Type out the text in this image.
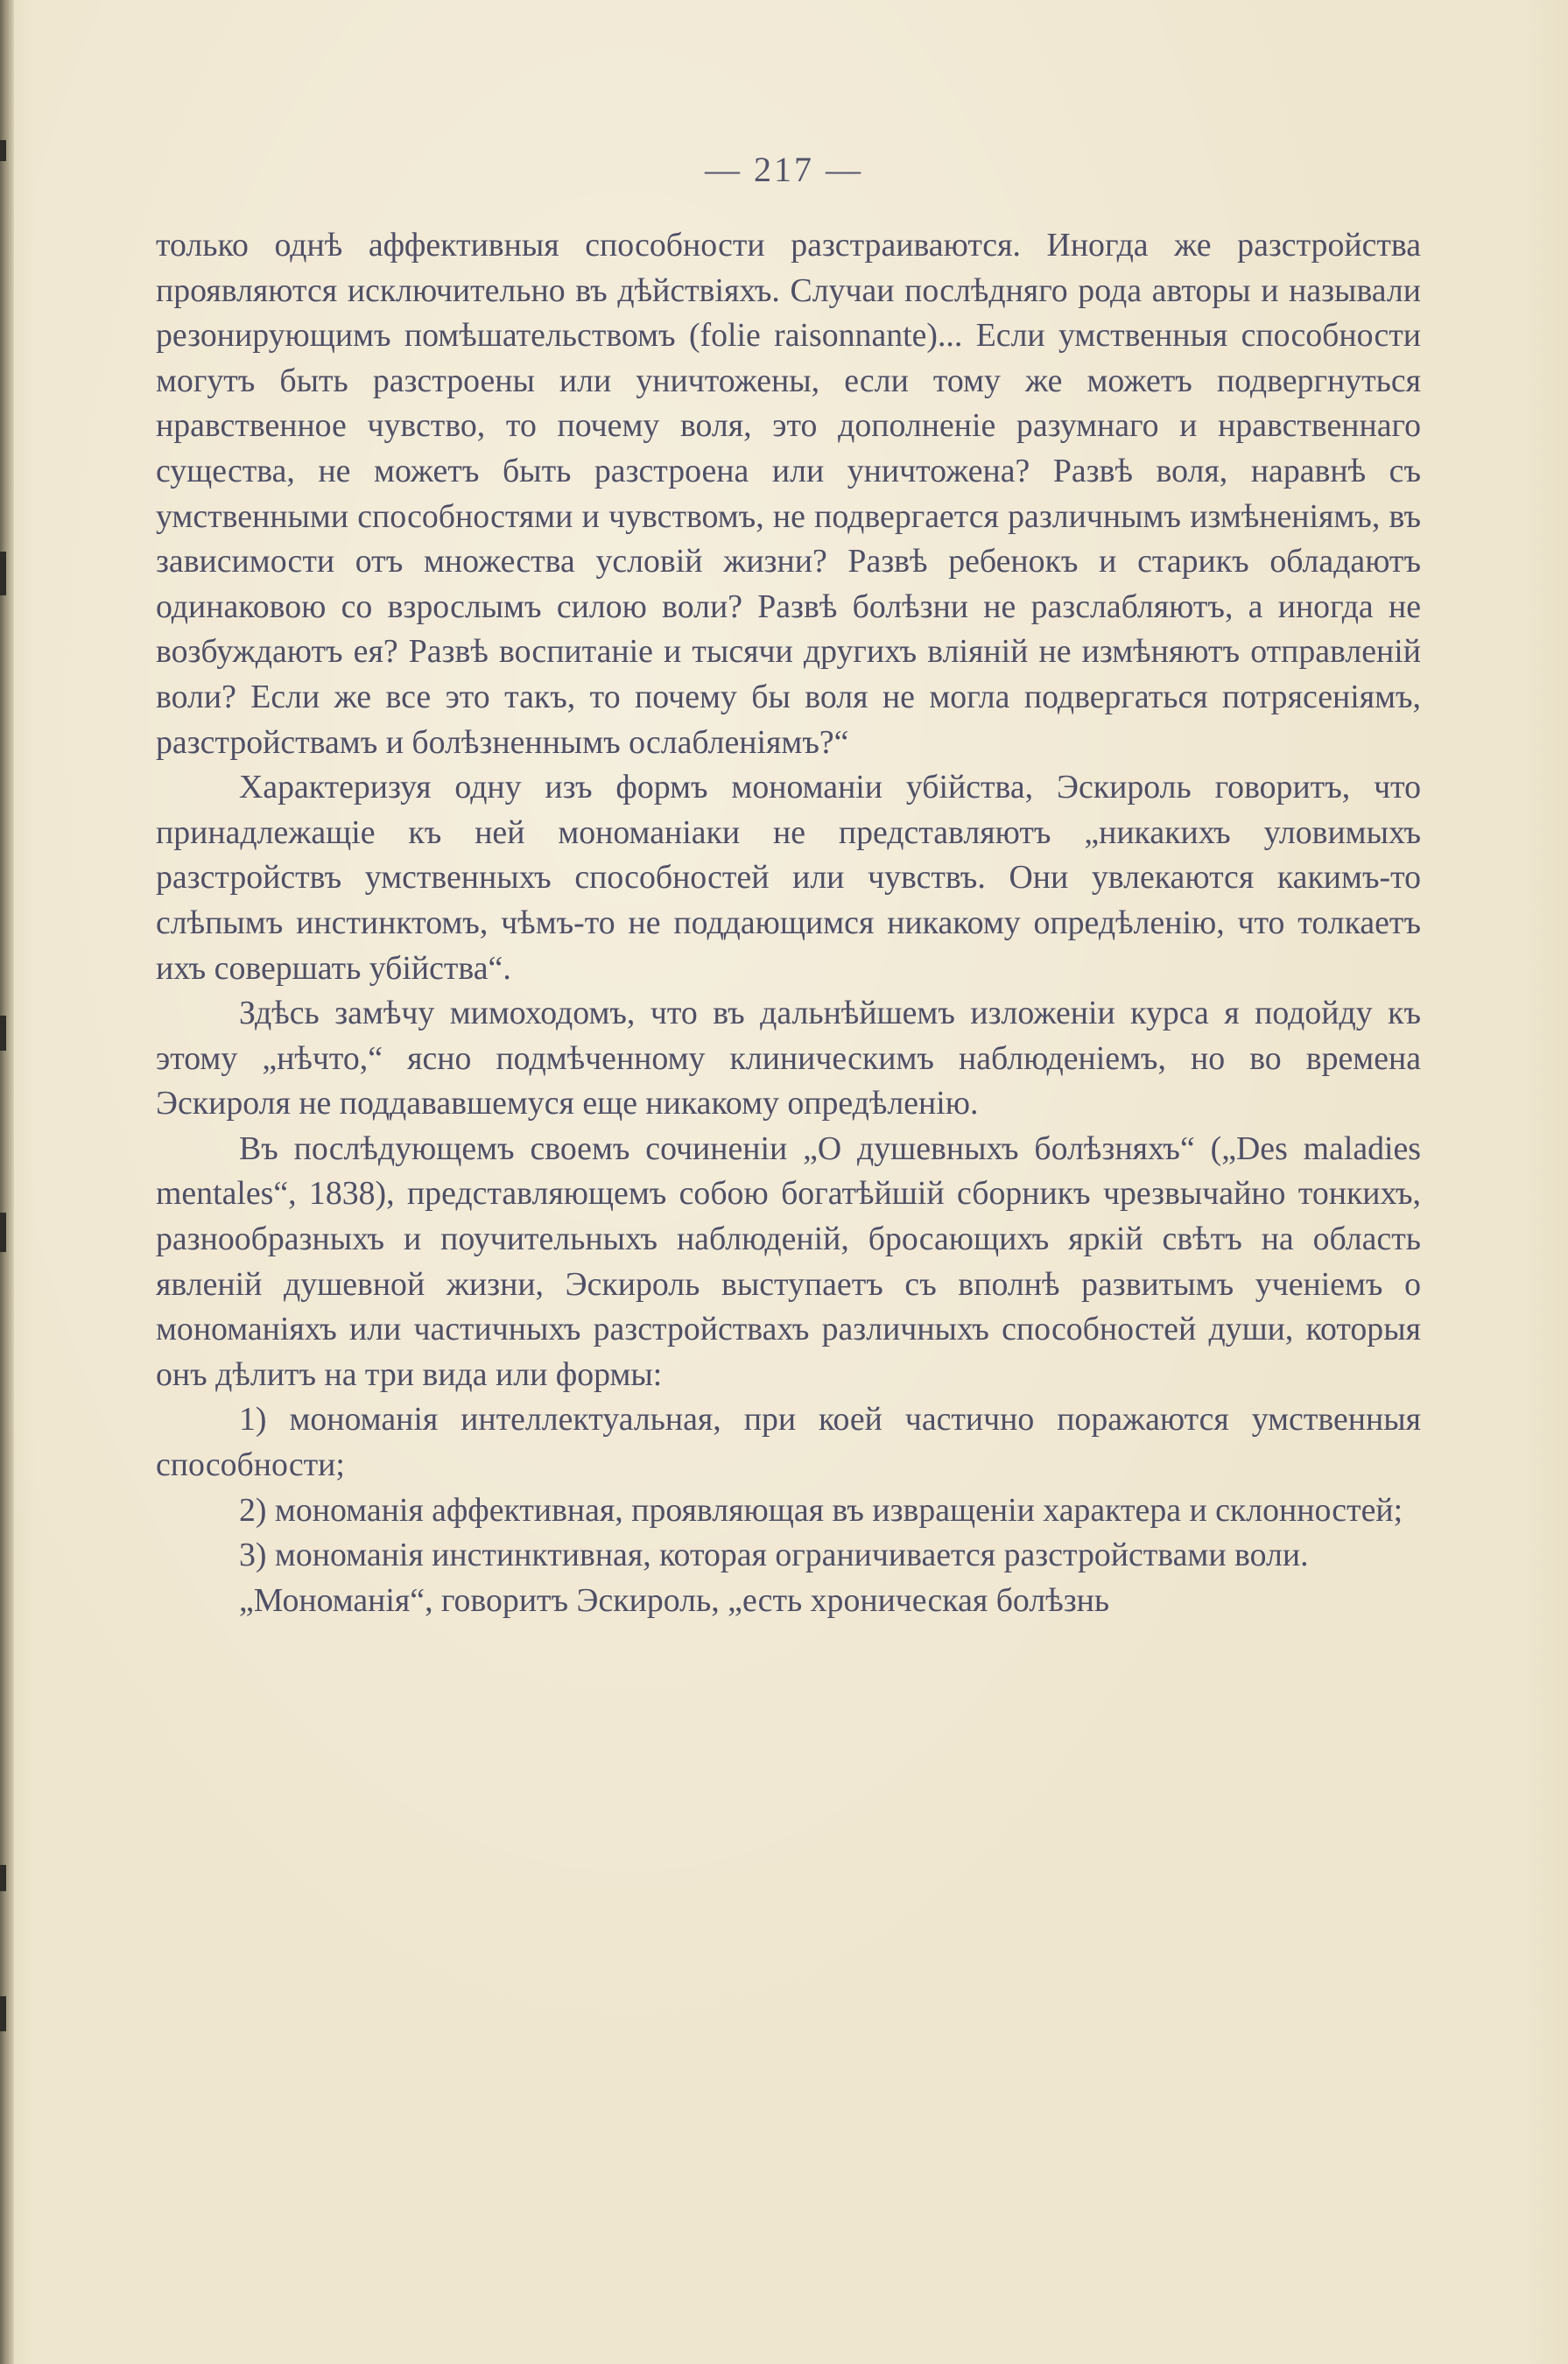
— 217 —

только однѣ аффективныя способности разстраиваются. Иногда же разстройства проявляются исключительно въ дѣйствіяхъ. Случаи послѣдняго рода авторы и называли резонирующимъ помѣшательствомъ (folie raisonnante)... Если умственныя способности могутъ быть разстроены или уничтожены, если тому же можетъ подвергнуться нравственное чувство, то почему воля, это дополненіе разумнаго и нравственнаго существа, не можетъ быть разстроена или уничтожена? Развѣ воля, наравнѣ съ умственными способностями и чувствомъ, не подвергается различнымъ измѣненіямъ, въ зависимости отъ множества условій жизни? Развѣ ребенокъ и старикъ обладаютъ одинаковою со взрослымъ силою воли? Развѣ болѣзни не разслабляютъ, а иногда не возбуждаютъ ея? Развѣ воспитаніе и тысячи другихъ вліяній не измѣняютъ отправленій воли? Если же все это такъ, то почему бы воля не могла подвергаться потрясеніямъ, разстройствамъ и болѣзненнымъ ослабленіямъ?“

Характеризуя одну изъ формъ мономаніи убійства, Эскироль говоритъ, что принадлежащіе къ ней мономаніаки не представляютъ „никакихъ уловимыхъ разстройствъ умственныхъ способностей или чувствъ. Они увлекаются какимъ-то слѣпымъ инстинктомъ, чѣмъ-то не поддающимся никакому опредѣленію, что толкаетъ ихъ совершать убійства“.

Здѣсь замѣчу мимоходомъ, что въ дальнѣйшемъ изложеніи курса я подойду къ этому „нѣчто,“ ясно подмѣченному клиническимъ наблюденіемъ, но во времена Эскироля не поддававшемуся еще никакому опредѣленію.

Въ послѣдующемъ своемъ сочиненіи „О душевныхъ болѣзняхъ“ („Des maladies mentales“, 1838), представляющемъ собою богатѣйшій сборникъ чрезвычайно тонкихъ, разнообразныхъ и поучительныхъ наблюденій, бросающихъ яркій свѣтъ на область явленій душевной жизни, Эскироль выступаетъ съ вполнѣ развитымъ ученіемъ о мономаніяхъ или частичныхъ разстройствахъ различныхъ способностей души, которыя онъ дѣлитъ на три вида или формы:

1) мономанія интеллектуальная, при коей частично поражаются умственныя способности;

2) мономанія аффективная, проявляющая въ извращеніи характера и склонностей;

3) мономанія инстинктивная, которая ограничивается разстройствами воли.

„Мономанія“, говоритъ Эскироль, „есть хроническая болѣзнь
